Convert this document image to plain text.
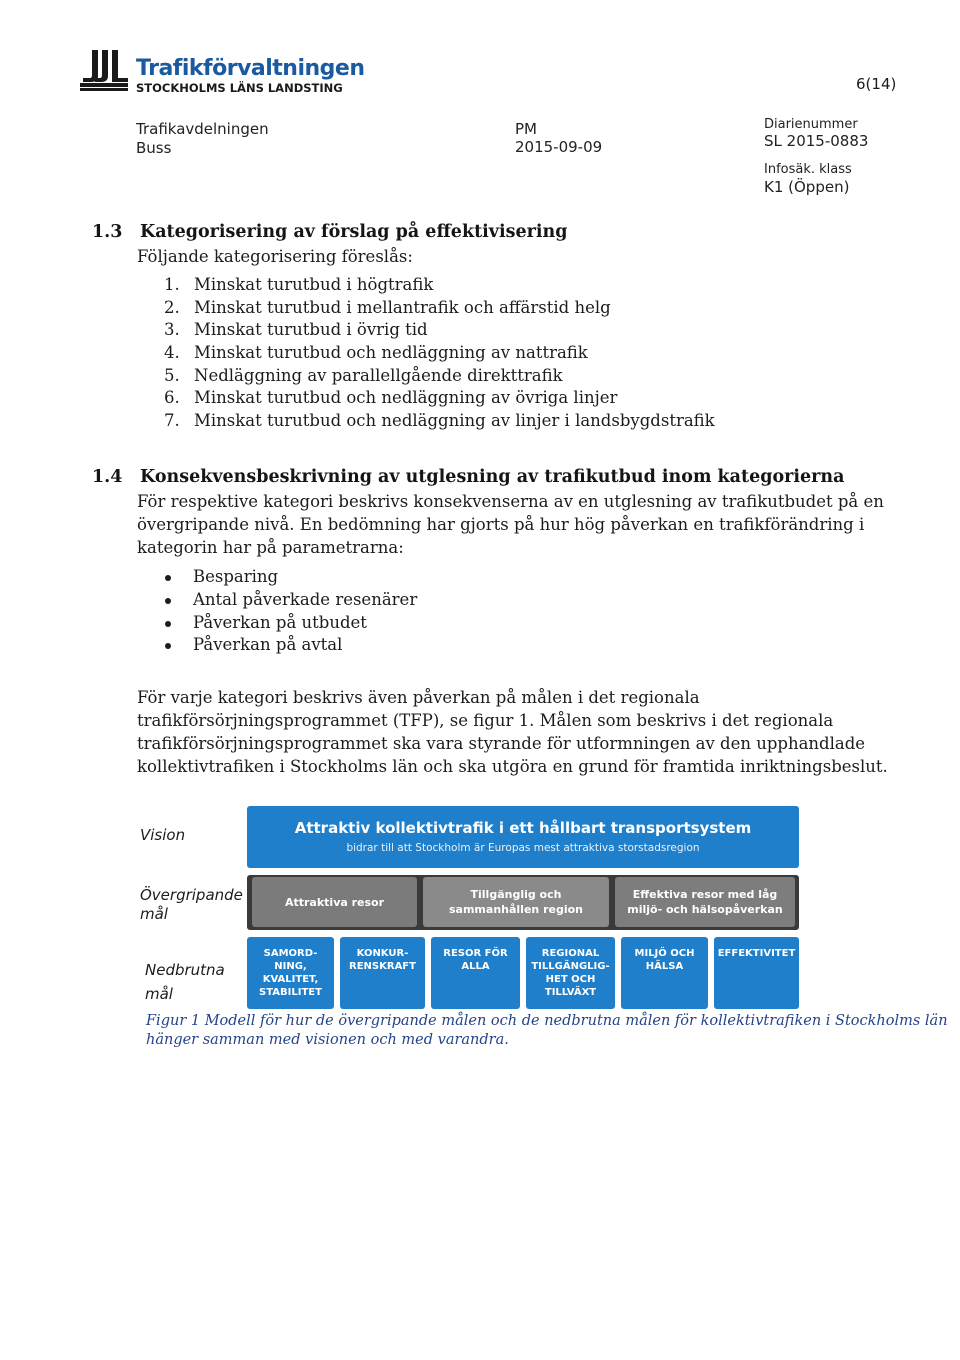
Trafikförvaltningen
STOCKHOLMS LÄNS LANDSTING	6(14)
Trafikavdelningen
Buss
PM
2015-09-09
Diarienummer
SL 2015-0883
Infosäk. klass
K1 (Öppen)
1.3 Kategorisering av förslag på effektivisering
Följande kategorisering föreslås:
1. Minskat turutbud i högtrafik
2. Minskat turutbud i mellantrafik och affärstid helg
3. Minskat turutbud i övrig tid
4. Minskat turutbud och nedläggning av nattrafik
5. Nedläggning av parallellgående direkttrafik
6. Minskat turutbud och nedläggning av övriga linjer
7. Minskat turutbud och nedläggning av linjer i landsbygdstrafik
1.4 Konsekvensbeskrivning av utglesning av trafikutbud inom kategorierna
För respektive kategori beskrivs konsekvenserna av en utglesning av trafikutbudet på en
övergripande nivå. En bedömning har gjorts på hur hög påverkan en trafikförändring i
kategorin har på parametrarna:
Besparing
Antal påverkade resenärer
Påverkan på utbudet
Påverkan på avtal
För varje kategori beskrivs även påverkan på målen i det regionala
trafikförsörjningsprogrammet (TFP), se figur 1. Målen som beskrivs i det regionala
trafikförsörjningsprogrammet ska vara styrande för utformningen av den upphandlade
kollektivtrafiken i Stockholms län och ska utgöra en grund för framtida inriktningsbeslut.
Vision
Övergripande
mål
Nedbrutna
mål
Attraktiv kollektivtrafik i ett hållbart transportsystem
bidrar till att Stockholm är Europas mest attraktiva storstadsregion
Attraktiva resor
Tillgänglig och
sammanhållen region
Effektiva resor med låg
miljö- och hälsopåverkan
SAMORD-
NING,
KVALITET,
STABILITET
KONKUR-
RENSKRAFT
RESOR FÖR
ALLA
REGIONAL
TILLGÄNGLIG-
HET OCH
TILLVÄXT
MILJÖ OCH
HÄLSA
EFFEKTIVITET
Figur 1 Modell för hur de övergripande målen och de nedbrutna målen för kollektivtrafiken i Stockholms län
hänger samman med visionen och med varandra.
